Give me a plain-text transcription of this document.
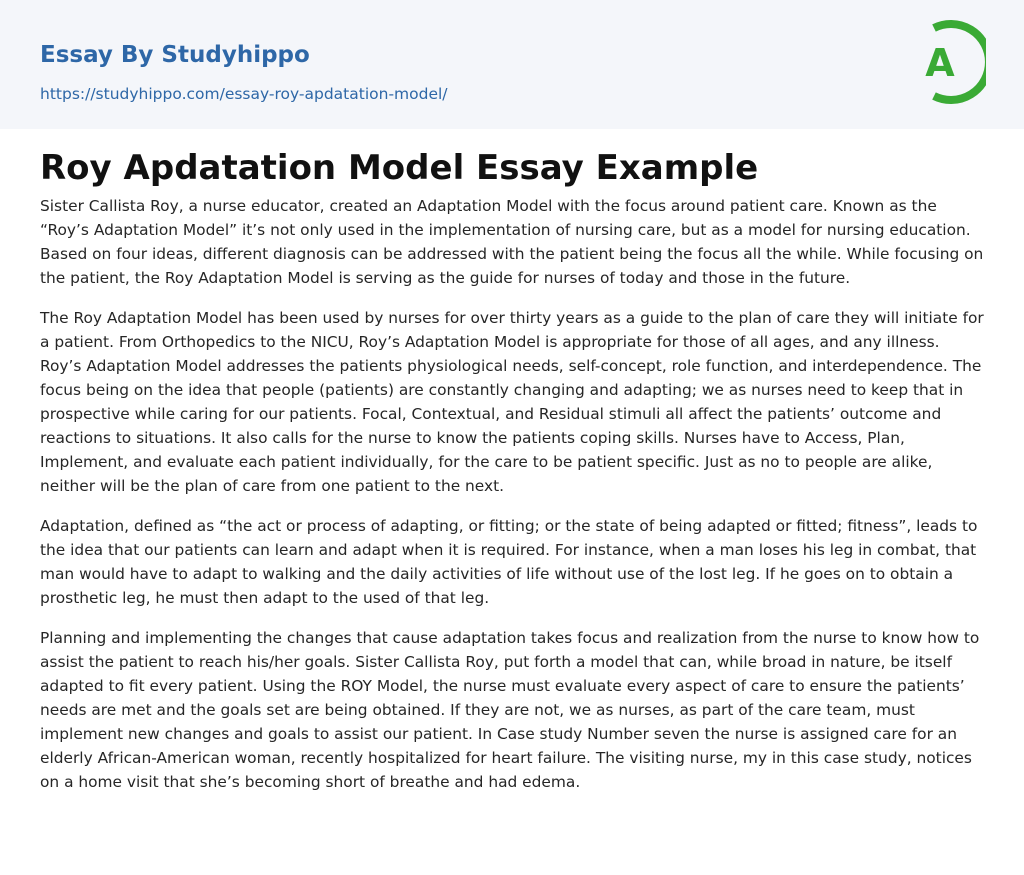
Essay By Studyhippo
https://studyhippo.com/essay-roy-apdatation-model/
A
Roy Apdatation Model Essay Example

Sister Callista Roy, a nurse educator, created an Adaptation Model with the focus around patient care. Known as the “Roy’s Adaptation Model” it’s not only used in the implementation of nursing care, but as a model for nursing education. Based on four ideas, different diagnosis can be addressed with the patient being the focus all the while. While focusing on the patient, the Roy Adaptation Model is serving as the guide for nurses of today and those in the future.

The Roy Adaptation Model has been used by nurses for over thirty years as a guide to the plan of care they will initiate for a patient. From Orthopedics to the NICU, Roy’s Adaptation Model is appropriate for those of all ages, and any illness. Roy’s Adaptation Model addresses the patients physiological needs, self-concept, role function, and interdependence. The focus being on the idea that people (patients) are constantly changing and adapting; we as nurses need to keep that in prospective while caring for our patients. Focal, Contextual, and Residual stimuli all affect the patients’ outcome and reactions to situations. It also calls for the nurse to know the patients coping skills. Nurses have to Access, Plan, Implement, and evaluate each patient individually, for the care to be patient specific. Just as no to people are alike, neither will be the plan of care from one patient to the next.

Adaptation, defined as “the act or process of adapting, or fitting; or the state of being adapted or fitted; fitness”, leads to the idea that our patients can learn and adapt when it is required. For instance, when a man loses his leg in combat, that man would have to adapt to walking and the daily activities of life without use of the lost leg. If he goes on to obtain a prosthetic leg, he must then adapt to the used of that leg.

Planning and implementing the changes that cause adaptation takes focus and realization from the nurse to know how to assist the patient to reach his/her goals. Sister Callista Roy, put forth a model that can, while broad in nature, be itself adapted to fit every patient. Using the ROY Model, the nurse must evaluate every aspect of care to ensure the patients’ needs are met and the goals set are being obtained. If they are not, we as nurses, as part of the care team, must implement new changes and goals to assist our patient. In Case study Number seven the nurse is assigned care for an elderly African-American woman, recently hospitalized for heart failure. The visiting nurse, my in this case study, notices on a home visit that she’s becoming short of breathe and had edema.
